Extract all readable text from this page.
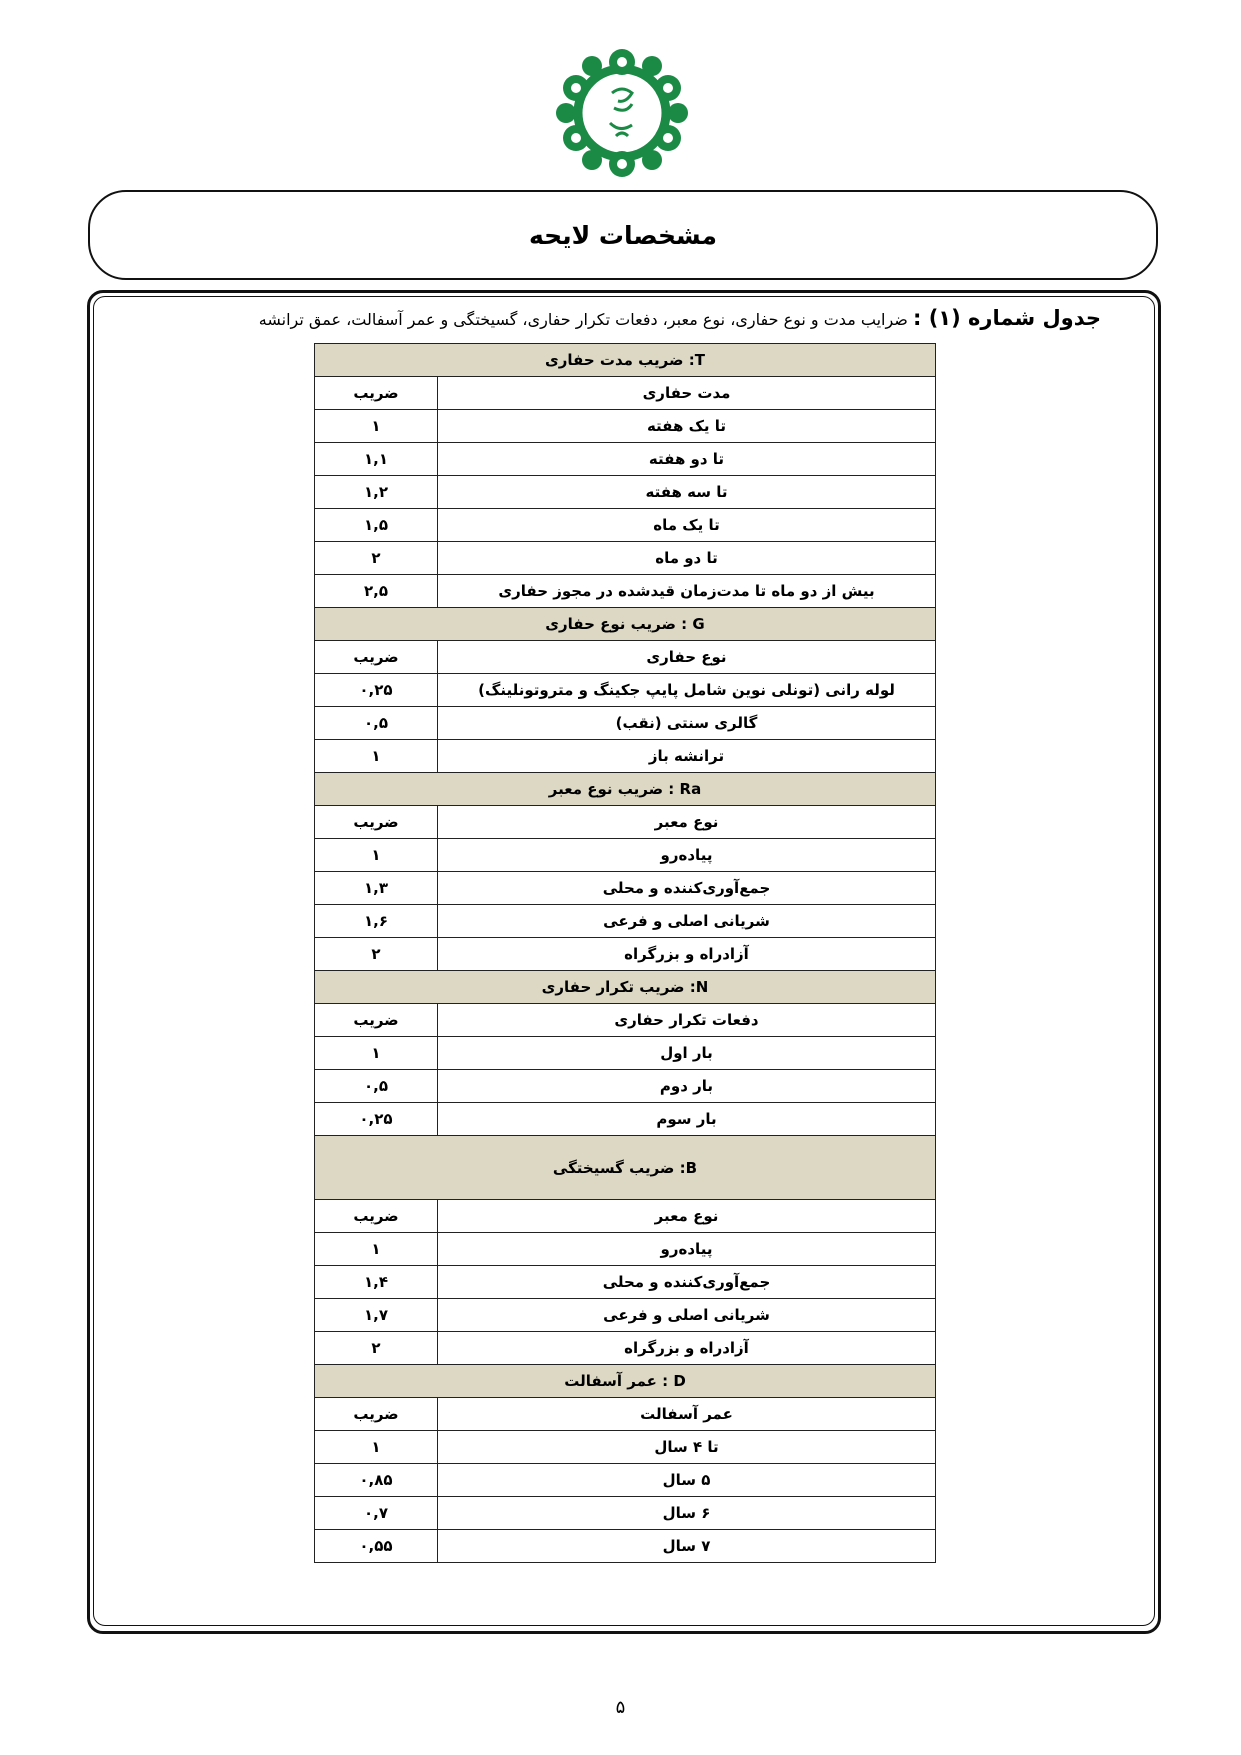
مشخصات لایحه
جدول شماره (۱) : ضرایب مدت و نوع حفاری، نوع معبر، دفعات تکرار حفاری، گسیختگی و عمر آسفالت، عمق ترانشه
T: ضریب مدت حفاری	
مدت حفاری	ضریب
تا یک هفته	۱
تا دو هفته	۱,۱
تا سه هفته	۱,۲
تا یک ماه	۱,۵
تا دو ماه	۲
بیش از دو ماه تا مدت‌زمان قیدشده در مجوز حفاری	۲,۵
G : ضریب نوع حفاری	
نوع حفاری	ضریب
لوله رانی (تونلی نوین شامل پایپ جکینگ و متروتونلینگ)	۰,۲۵
گالری سنتی (نقب)	۰,۵
ترانشه باز	۱
Ra : ضریب نوع معبر	
نوع معبر	ضریب
پیاده‌رو	۱
جمع‌آوری‌کننده و محلی	۱,۳
شریانی اصلی و فرعی	۱,۶
آزادراه و بزرگراه	۲
N: ضریب تکرار حفاری	
دفعات تکرار حفاری	ضریب
بار اول	۱
بار دوم	۰,۵
بار سوم	۰,۲۵
B: ضریب گسیختگی	
نوع معبر	ضریب
پیاده‌رو	۱
جمع‌آوری‌کننده و محلی	۱,۴
شریانی اصلی و فرعی	۱,۷
آزادراه و بزرگراه	۲
D : عمر آسفالت	
عمر آسفالت	ضریب
تا ۴ سال	۱
۵ سال	۰,۸۵
۶ سال	۰,۷
۷ سال	۰,۵۵
۵
